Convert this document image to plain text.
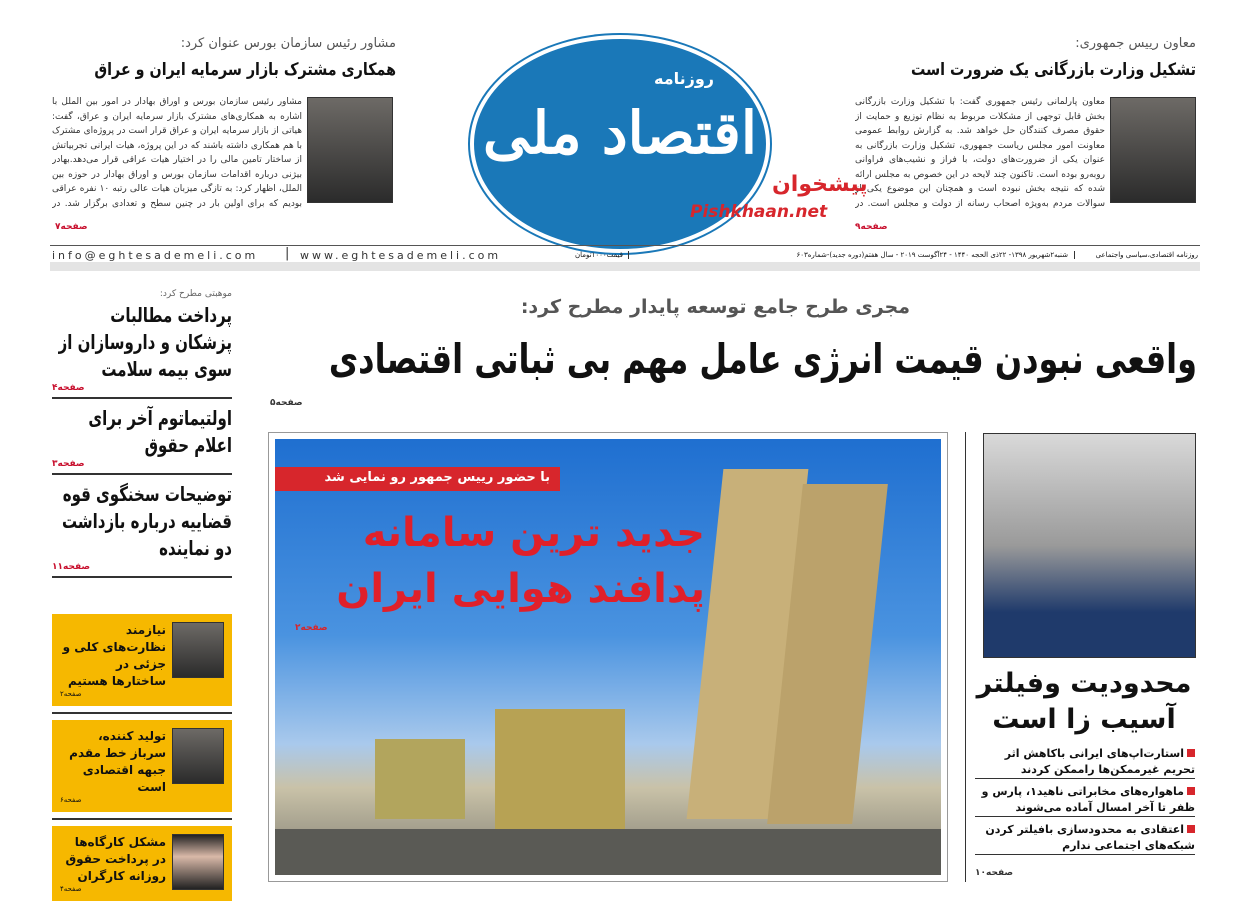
معاون رییس جمهوری:
تشکیل وزارت بازرگانی یک ضرورت است
معاون پارلمانی رئیس جمهوری گفت: با تشکیل وزارت بازرگانی بخش قابل توجهی از مشکلات مربوط به نظام توزیع و حمایت از حقوق مصرف کنندگان حل خواهد شد. به گزارش روابط عمومی معاونت امور مجلس ریاست جمهوری، تشکیل وزارت بازرگانی به عنوان یکی از ضرورت‌های دولت، با فراز و نشیب‌های فراوانی روبه‌رو بوده است. تاکنون چند لایحه در این خصوص به مجلس ارائه شده که نتیجه بخش نبوده است و همچنان این موضوع یکی از سوالات مردم به‌ویژه اصحاب رسانه از دولت و مجلس است. در
صفحه۹
مشاور رئیس سازمان بورس عنوان کرد:
همکاری مشترک بازار سرمایه ایران و عراق
مشاور رئیس سازمان بورس و اوراق بهادار در امور بین الملل با اشاره به همکاری‌های مشترک بازار سرمایه ایران و عراق، گفت: هیاتی از بازار سرمایه ایران و عراق قرار است در پروژه‌ای مشترک با هم همکاری داشته باشند که در این پروژه، هیات ایرانی تجربیاتش از ساختار تامین مالی را در اختیار هیات عراقی قرار می‌دهد.بهادر بیژنی درباره اقدامات سازمان بورس و اوراق بهادار در حوزه بین الملل، اظهار کرد: به تازگی میزبان هیات عالی رتبه ۱۰ نفره عراقی بودیم که برای اولین بار در چنین سطح و تعدادی برگزار شد. در
صفحه۷
اقتصاد ملی
روزنامه
پیشخوان
Pishkhaan.net
info@eghtesademeli.com | www.eghtesademeli.com	قیمت۱۰۰۰تومان	شنبه۲شهریور ۱۳۹۸- ۲۲ذی الحجه ۱۴۴۰ - ۲۴آگوست ۲۰۱۹ - سال هفتم(دوره جدید)-شماره۶۰۳	روزنامه اقتصادی،سیاسی واجتماعی
مجری طرح جامع توسعه پایدار مطرح کرد:
واقعی نبودن قیمت انرژی عامل مهم بی ثباتی اقتصادی
صفحه۵
با حضور ریيس جمهور رو نمایی شد
جدید ترین سامانه
پدافند هوایی ایران
صفحه۲
محدودیت وفیلتر
آسیب زا است
استارت‌اپ‌های ایرانی باکاهش اثر تحریم غیرممکن‌ها راممکن کردند
ماهواره‌های مخابراتی ناهید۱، پارس و ظفر تا آخر امسال آماده می‌شوند
اعتقادی به محدودسازی بافیلتر کردن شبکه‌های اجتماعی ندارم
صفحه۱۰
موهبتی مطرح کرد:
پرداخت مطالبات پزشکان و داروسازان از سوی بیمه سلامت
صفحه۴
اولتیماتوم آخر برای اعلام حقوق
صفحه۳
توضیحات سخنگوی قوه قضاییه درباره بازداشت دو نماینده
صفحه۱۱
نیازمند نظارت‌های کلی و جزئی در ساختارها هستیم
صفحه۲
تولید کننده، سرباز خط مقدم جبهه اقتصادی است
صفحه۶
مشکل کارگاه‌ها در پرداخت حقوق روزانه کارگران
صفحه۴
